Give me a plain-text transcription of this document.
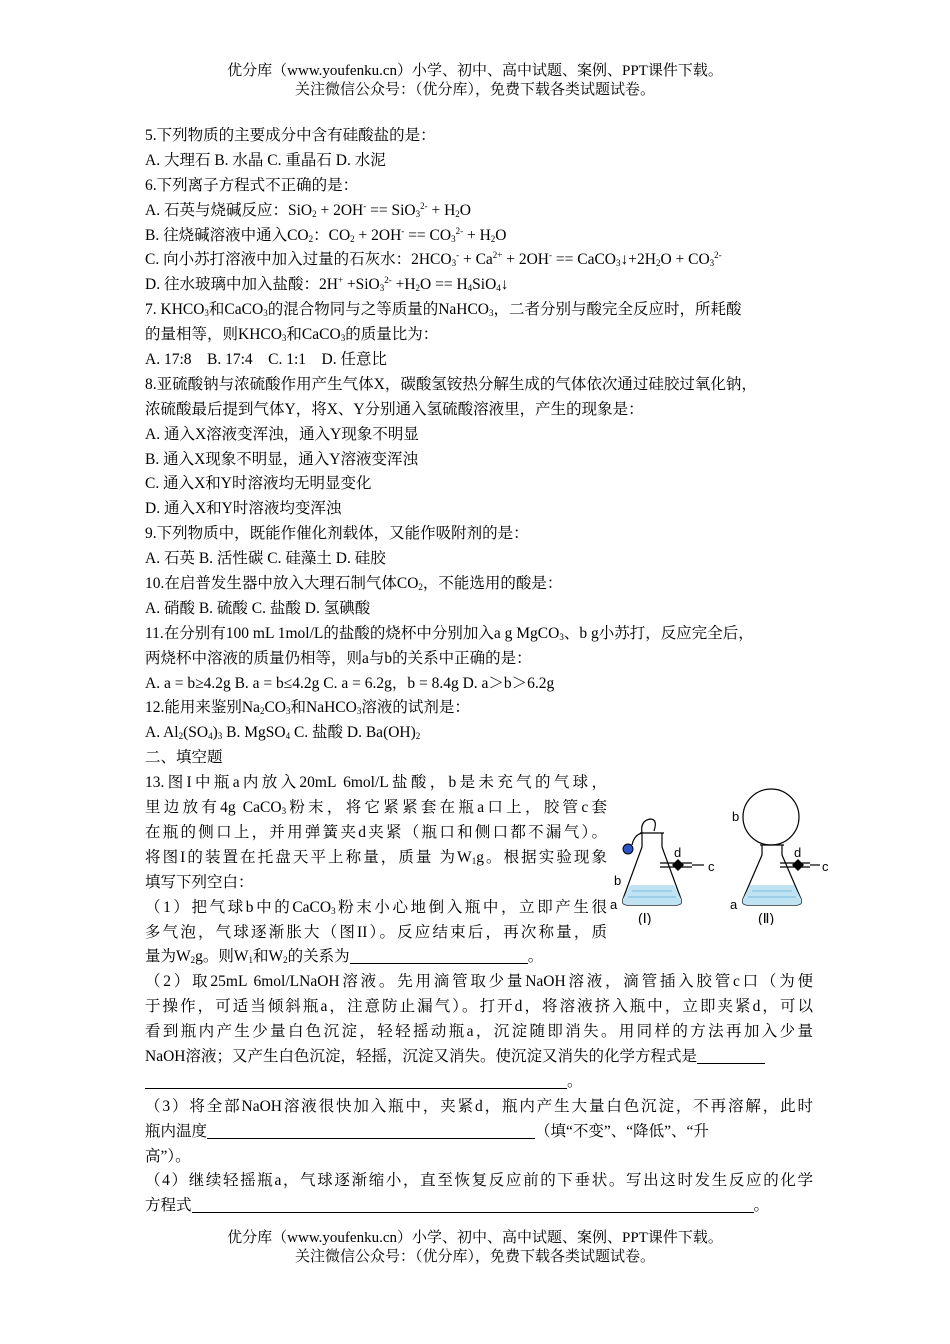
优分库（www.youfenku.cn）小学、初中、高中试题、案例、PPT课件下载。
关注微信公众号：（优分库），免费下载各类试题试卷。
5.下列物质的主要成分中含有硅酸盐的是：
A. 大理石 B. 水晶 C. 重晶石 D. 水泥
6.下列离子方程式不正确的是：
A. 石英与烧碱反应：$SiO_2 + 2OH^- == SiO_3^{2-} + H_2O$
B. 往烧碱溶液中通入$CO_2$：$CO_2 + 2OH^- == CO_3^{2-} + H_2O$
C. 向小苏打溶液中加入过量的石灰水：$2HCO_3^- + Ca^{2+} + 2OH^-$ == $CaCO_3↓+2H_2O + CO_3^{2-}$
D. 往水玻璃中加入盐酸：$2H^+ +SiO_3^{2-} +H_2O$ == $H_4SiO_4↓$
7. $KHCO_3$和CaCO$_3$的混合物同与之等质量的NaHCO$_3$，二者分别与酸完全反应时，所耗酸
的量相等，则$KHCO_3$和CaCO$_3$的质量比为：
A. 17:8    B. 17:4    C. 1:1    D. 任意比
8.亚硫酸钠与浓硫酸作用产生气体X，碳酸氢铵热分解生成的气体依次通过硅胶过氧化钠，
浓硫酸最后提到气体Y，将X、Y分别通入氢硫酸溶液里，产生的现象是：
A. 通入X溶液变浑浊，通入Y现象不明显
B. 通入X现象不明显，通入Y溶液变浑浊
C. 通入X和Y时溶液均无明显变化
D. 通入X和Y时溶液均变浑浊
9.下列物质中，既能作催化剂载体，又能作吸附剂的是：
A. 石英 B. 活性碳 C. 硅藻土 D. 硅胶
10.在启普发生器中放入大理石制气体$CO_2$，不能选用的酸是：
A. 硝酸 B. 硫酸 C. 盐酸 D. 氢碘酸
11.在分别有100 mL 1mol/L的盐酸的烧杯中分别加入a g MgCO$_3$、b g小苏打，反应完全后，
两烧杯中溶液的质量仍相等，则a与b的关系中正确的是：
A. a = b≥4.2g B. a = b≤4.2g C. a = 6.2g，b = 8.4g D. a＞b＞6.2g
12.能用来鉴别$Na_2CO_3$和NaHCO$_3$溶液的试剂是：
A. $Al_2(SO_4)_3$ B. MgSO$_4$ C. 盐酸 D. $Ba(OH)_2$
二、填空题
13.图I中瓶a内放入20mL 6mol/L盐酸，b是未充气的气球，
里边放有4g CaCO$_3$粉末，将它紧紧套在瓶a口上，胶管c套
在瓶的侧口上，并用弹簧夹d夹紧（瓶口和侧口都不漏气）。
将图I的装置在托盘天平上称量，质量 为$W_1g$。根据实验现象
填写下列空白：
（1）把气球b中的CaCO$_3$粉末小心地倒入瓶中，立即产生很
多气泡，气球逐渐胀大（图II）。反应结束后，再次称量，质
量为$W_2g$。则$W_1$和$W_2$的关系为	。
（2）取25mL 6mol/LNaOH溶液。先用滴管取少量NaOH溶液，滴管插入胶管c口（为便
于操作，可适当倾斜瓶a，注意防止漏气）。打开d，将溶液挤入瓶中，立即夹紧d，可以
看到瓶内产生少量白色沉淀，轻轻摇动瓶a，沉淀随即消失。用同样的方法再加入少量
NaOH溶液；又产生白色沉淀，轻摇，沉淀又消失。使沉淀又消失的化学方程式是
。
（3）将全部NaOH溶液很快加入瓶中，夹紧d，瓶内产生大量白色沉淀，不再溶解，此时
瓶内温度	（填“不变”、“降低”、“升
高”）。
（4）继续轻摇瓶a，气球逐渐缩小，直至恢复反应前的下垂状。写出这时发生反应的化学
方程式	。
b
a
d
c
b
a
d
c
(Ⅰ)	(Ⅱ)
优分库（www.youfenku.cn）小学、初中、高中试题、案例、PPT课件下载。
关注微信公众号：（优分库），免费下载各类试题试卷。
